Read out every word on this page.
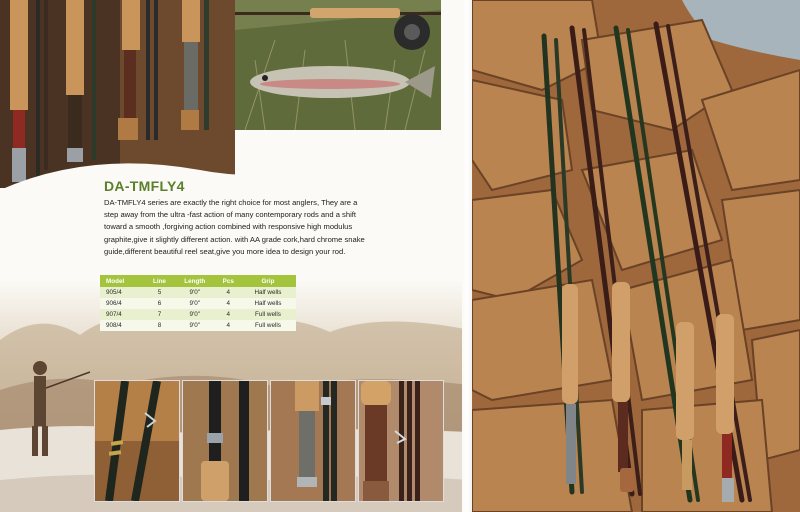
DA-TMFLY4

DA-TMFLY4 series are exactly the right choice for most anglers, They are a step away from the ultra -fast action of many contemporary rods and a shift toward a smooth ,forgiving action combined with responsive high modulus graphite,give it slightly different action. with AA grade cork,hard chrome snake guide,different beautiful reel seat,give you more idea to design your rod.

Model	Line	Length	Pcs	Grip
905/4	5	9'0"	4	Half wells
906/4	6	9'0"	4	Half wells
907/4	7	9'0"	4	Full wells
908/4	8	9'0"	4	Full wells
